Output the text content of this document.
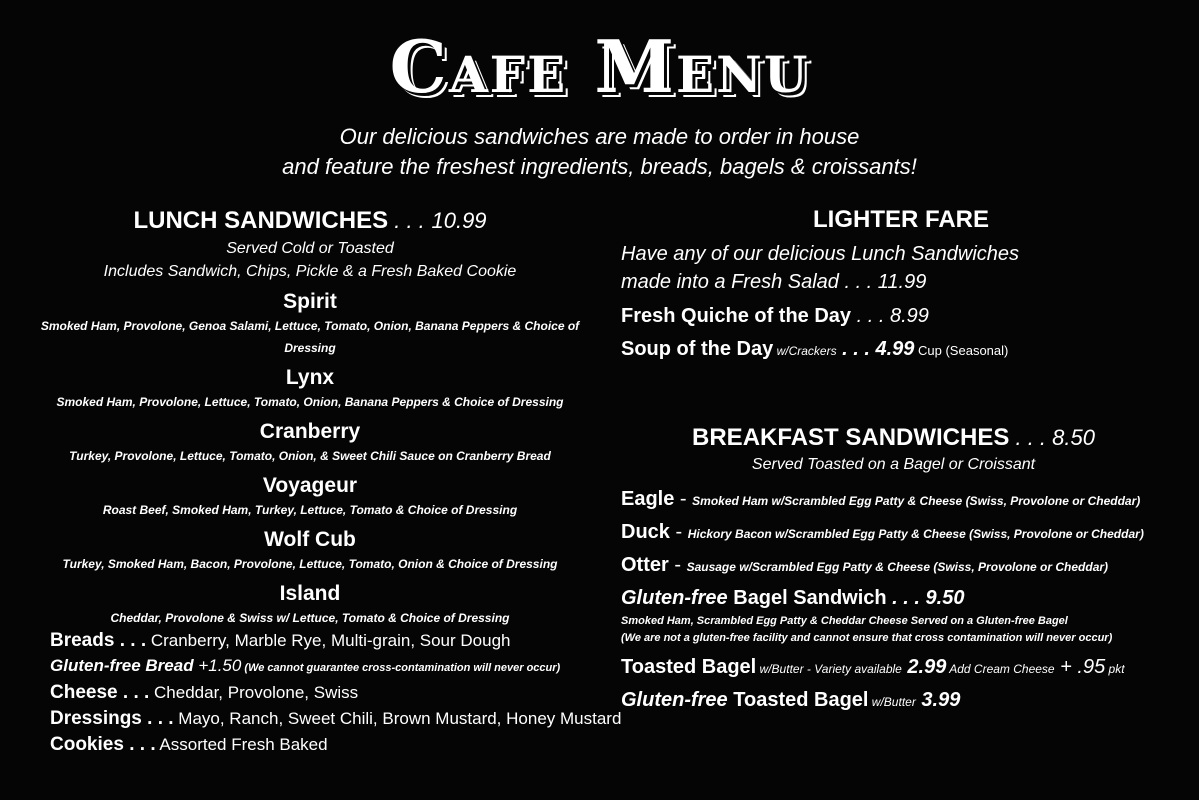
Cafe Menu
Our delicious sandwiches are made to order in house
and feature the freshest ingredients, breads, bagels & croissants!
LUNCH SANDWICHES . . . 10.99
Served Cold or Toasted
Includes Sandwich, Chips, Pickle & a Fresh Baked Cookie
Spirit
Smoked Ham, Provolone, Genoa Salami, Lettuce, Tomato, Onion, Banana Peppers & Choice of Dressing
Lynx
Smoked Ham, Provolone, Lettuce, Tomato, Onion, Banana Peppers & Choice of Dressing
Cranberry
Turkey, Provolone, Lettuce, Tomato, Onion, & Sweet Chili Sauce on Cranberry Bread
Voyageur
Roast Beef, Smoked Ham, Turkey, Lettuce, Tomato & Choice of Dressing
Wolf Cub
Turkey, Smoked Ham, Bacon, Provolone, Lettuce, Tomato, Onion & Choice of Dressing
Island
Cheddar, Provolone & Swiss w/ Lettuce, Tomato & Choice of Dressing
Breads . . . Cranberry, Marble Rye, Multi-grain, Sour Dough
Gluten-free Bread +1.50 (We cannot guarantee cross-contamination will never occur)
Cheese . . . Cheddar, Provolone, Swiss
Dressings . . . Mayo, Ranch, Sweet Chili, Brown Mustard, Honey Mustard
Cookies . . . Assorted Fresh Baked
LIGHTER FARE
Have any of our delicious Lunch Sandwiches
made into a Fresh Salad . . . 11.99
Fresh Quiche of the Day . . . 8.99
Soup of the Day w/Crackers . . . 4.99 Cup (Seasonal)
BREAKFAST SANDWICHES . . . 8.50
Served Toasted on a Bagel or Croissant
Eagle - Smoked Ham w/Scrambled Egg Patty & Cheese (Swiss, Provolone or Cheddar)
Duck - Hickory Bacon w/Scrambled Egg Patty & Cheese (Swiss, Provolone or Cheddar)
Otter - Sausage w/Scrambled Egg Patty & Cheese (Swiss, Provolone or Cheddar)
Gluten-free Bagel Sandwich . . . 9.50
Smoked Ham, Scrambled Egg Patty & Cheddar Cheese Served on a Gluten-free Bagel
(We are not a gluten-free facility and cannot ensure that cross contamination will never occur)
Toasted Bagel w/Butter - Variety available 2.99 Add Cream Cheese + .95 pkt
Gluten-free Toasted Bagel w/Butter 3.99
